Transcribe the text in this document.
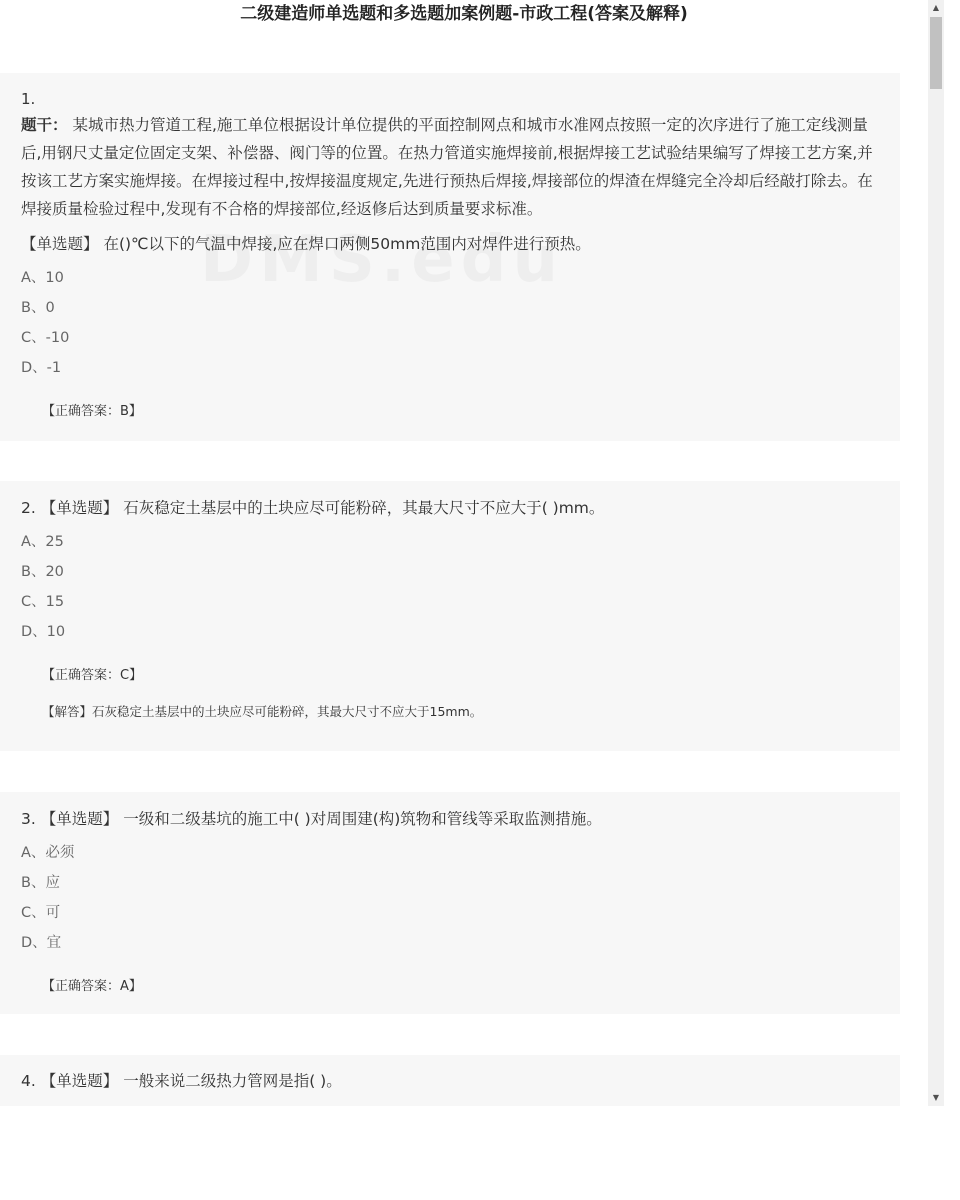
二级建造师单选题和多选题加案例题-市政工程(答案及解释)
1.
题干： 某城市热力管道工程,施工单位根据设计单位提供的平面控制网点和城市水准网点按照一定的次序进行了施工定线测量后,用钢尺丈量定位固定支架、补偿器、阀门等的位置。在热力管道实施焊接前,根据焊接工艺试验结果编写了焊接工艺方案,并按该工艺方案实施焊接。在焊接过程中,按焊接温度规定,先进行预热后焊接,焊接部位的焊渣在焊缝完全冷却后经敲打除去。在焊接质量检验过程中,发现有不合格的焊接部位,经返修后达到质量要求标准。
【单选题】 在()℃以下的气温中焊接,应在焊口两侧50mm范围内对焊件进行预热。
A、10
B、0
C、-10
D、-1
【正确答案：B】
2. 【单选题】 石灰稳定土基层中的土块应尽可能粉碎，其最大尺寸不应大于( )mm。
A、25
B、20
C、15
D、10
【正确答案：C】
【解答】石灰稳定土基层中的土块应尽可能粉碎，其最大尺寸不应大于15mm。
3. 【单选题】 一级和二级基坑的施工中( )对周围建(构)筑物和管线等采取监测措施。
A、必须
B、应
C、可
D、宜
【正确答案：A】
4. 【单选题】 一般来说二级热力管网是指( )。
▲
▼
